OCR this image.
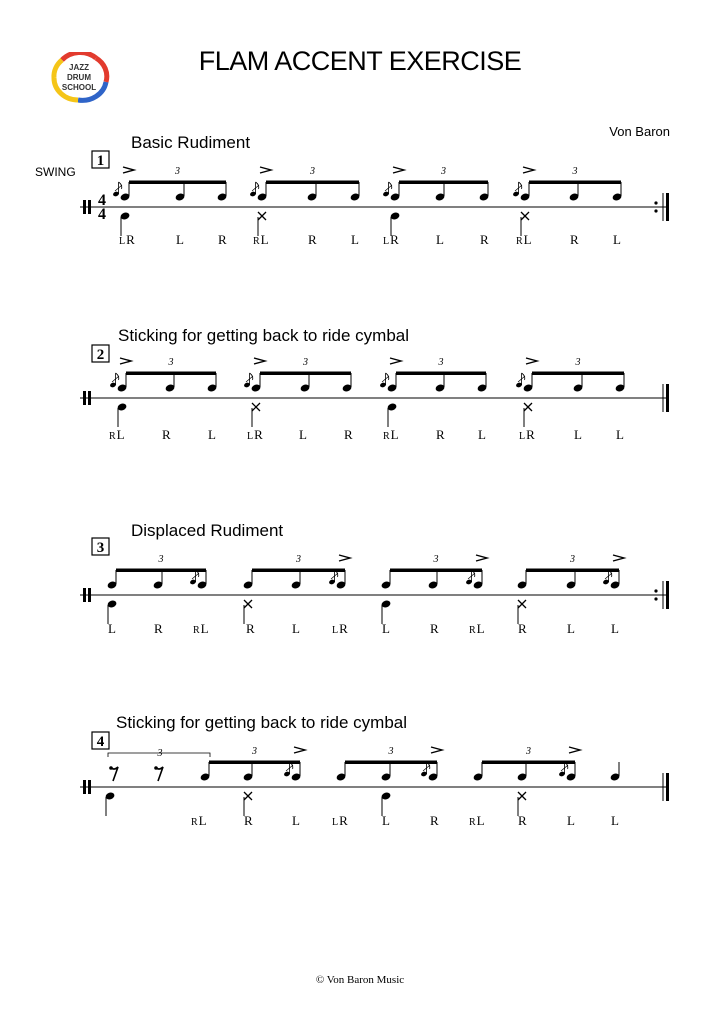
FLAM ACCENT EXERCISE
Von Baron
SWING
JAZZ
DRUM
SCHOOL
Basic Rudiment
Sticking for getting back to ride cymbal
Displaced Rudiment
Sticking for getting back to ride cymbal
4
4
1
3	3	3	3
2	3	3	3	3
3
3	3	3	3
4
3	3	3	3
LR	L	R	RL	R	L LR	L	R	RL	R	L
RL	R	L	LR	L	R	RL	R	L	LR	L	L
L	R	RL	R	L	LR	L	R	RL	R	L	L
RL	R	L	LR	L	R	RL	R	L	L
© Von Baron Music
